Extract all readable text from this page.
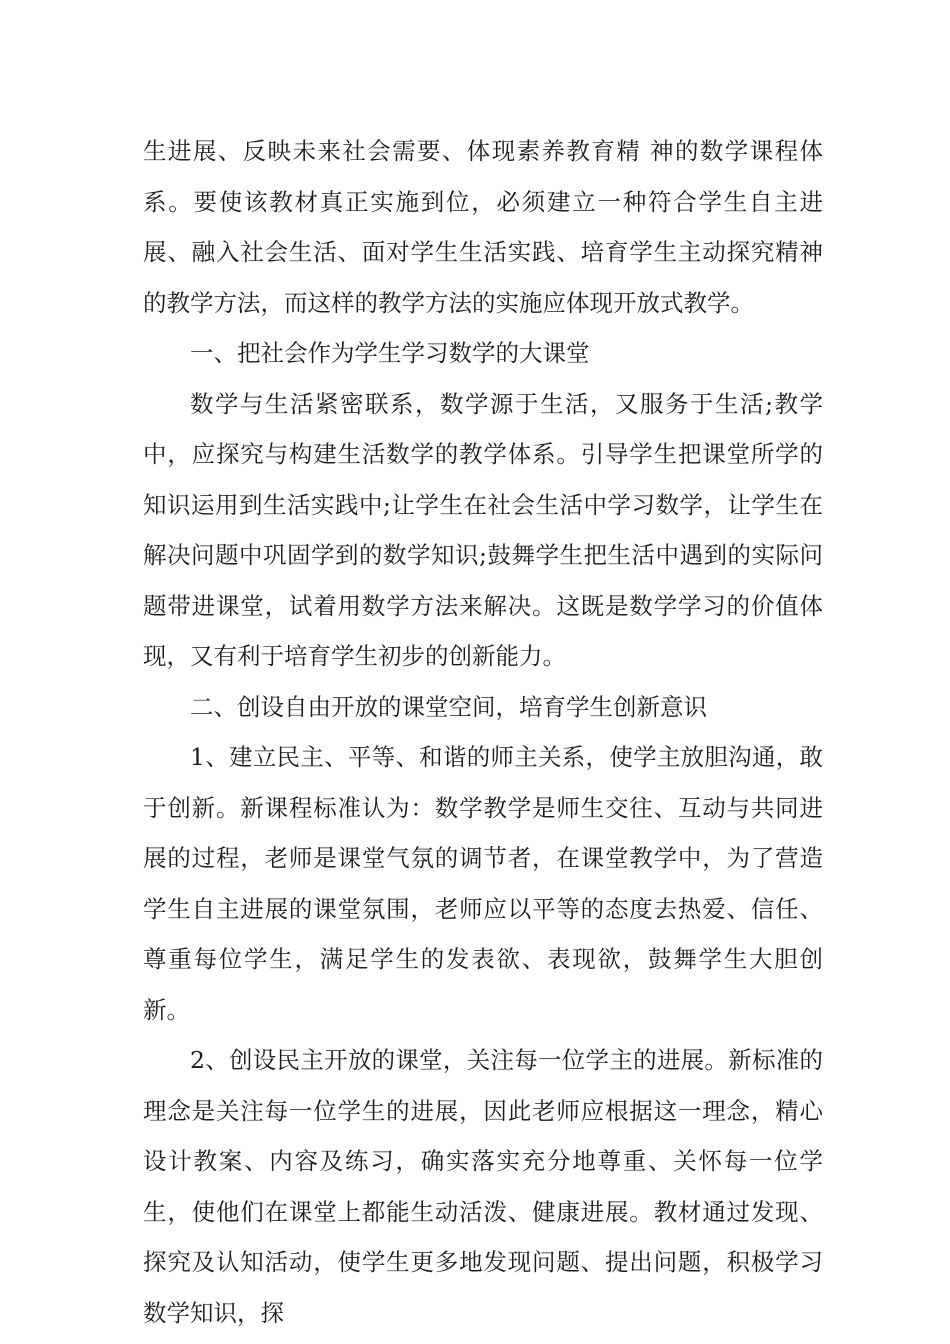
生进展、反映未来社会需要、体现素养教育精 神的数学课程体系。要使该教材真正实施到位，必须建立一种符合学生自主进展、融入社会生活、面对学生生活实践、培育学生主动探究精神的教学方法，而这样的教学方法的实施应体现开放式教学。

一、把社会作为学生学习数学的大课堂

数学与生活紧密联系，数学源于生活，又服务于生活;教学中，应探究与构建生活数学的教学体系。引导学生把课堂所学的知识运用到生活实践中;让学生在社会生活中学习数学，让学生在解决问题中巩固学到的数学知识;鼓舞学生把生活中遇到的实际问题带进课堂，试着用数学方法来解决。这既是数学学习的价值体现，又有利于培育学生初步的创新能力。

二、创设自由开放的课堂空间，培育学生创新意识

1、建立民主、平等、和谐的师主关系，使学主放胆沟通，敢于创新。新课程标准认为：数学教学是师生交往、互动与共同进展的过程，老师是课堂气氛的调节者，在课堂教学中，为了营造学生自主进展的课堂氛围，老师应以平等的态度去热爱、信任、尊重每位学生，满足学生的发表欲、表现欲，鼓舞学生大胆创新。

2、创设民主开放的课堂，关注每一位学主的进展。新标准的理念是关注每一位学生的进展，因此老师应根据这一理念，精心设计教案、内容及练习，确实落实充分地尊重、关怀每一位学生，使他们在课堂上都能生动活泼、健康进展。教材通过发现、探究及认知活动，使学生更多地发现问题、提出问题，积极学习数学知识，探
